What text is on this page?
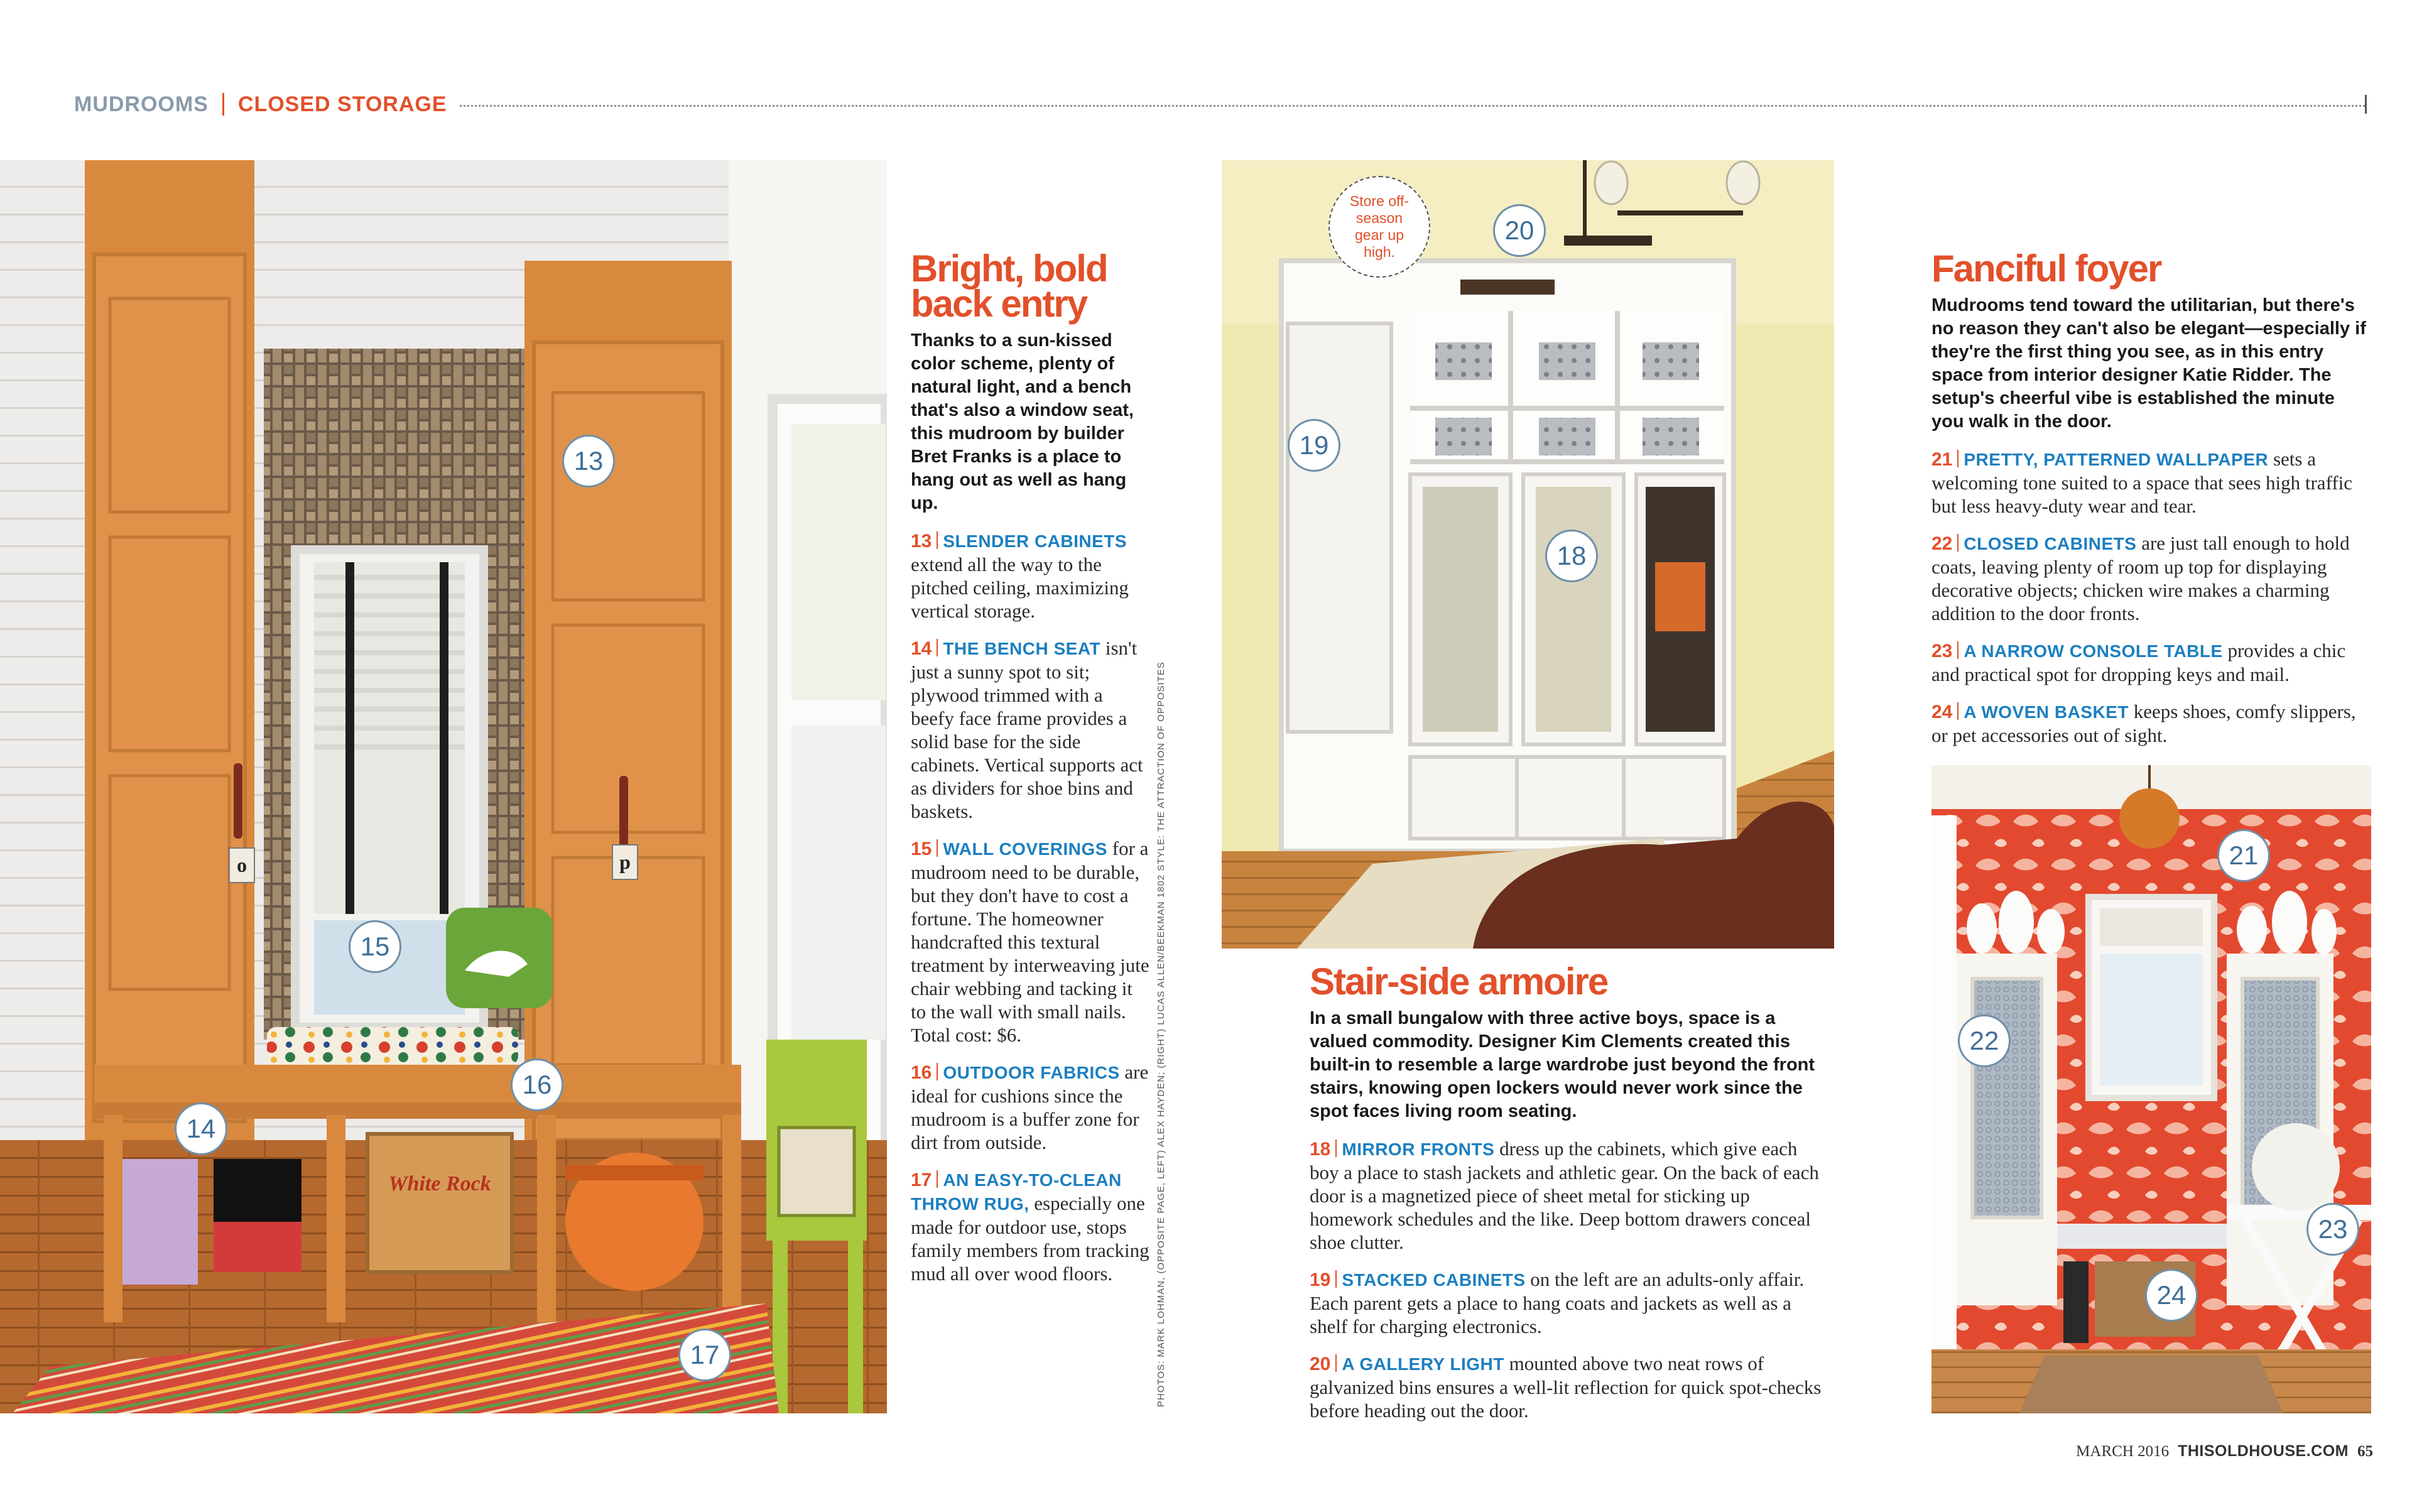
MUDROOMS CLOSED STORAGE
o	p
White Rock
13
14
15
16
17
Bright, bold back entry
Thanks to a sun-kissed color scheme, plenty of natural light, and a bench that's also a window seat, this mudroom by builder Bret Franks is a place to hang out as well as hang up.
13 SLENDER CABINETS extend all the way to the pitched ceiling, maximizing vertical storage.
14 THE BENCH SEAT isn't just a sunny spot to sit; plywood trimmed with a beefy face frame provides a solid base for the side cabinets. Vertical supports act as dividers for shoe bins and baskets.
15 WALL COVERINGS for a mudroom need to be durable, but they don't have to cost a fortune. The homeowner handcrafted this textural treatment by interweaving jute chair webbing and tacking it to the wall with small nails. Total cost: $6.
16 OUTDOOR FABRICS are ideal for cushions since the mudroom is a buffer zone for dirt from outside.
17 AN EASY-TO-CLEAN THROW RUG, especially one made for outdoor use, stops family members from tracking mud all over wood floors.	PHOTOS: MARK LOHMAN, (OPPOSITE PAGE, LEFT) ALEX HAYDEN; (RIGHT) LUCAS ALLEN/BEEKMAN 1802 STYLE: THE ATTRACTION OF OPPOSITES
Store off-season gear up high.
19
18
20
Stair-side armoire
In a small bungalow with three active boys, space is a valued commodity. Designer Kim Clements created this built-in to resemble a large wardrobe just beyond the front stairs, knowing open lockers would never work since the spot faces living room seating.
18 MIRROR FRONTS dress up the cabinets, which give each boy a place to stash jackets and athletic gear. On the back of each door is a magnetized piece of sheet metal for sticking up homework schedules and the like. Deep bottom drawers conceal shoe clutter.
19 STACKED CABINETS on the left are an adults-only affair. Each parent gets a place to hang coats and jackets as well as a shelf for charging electronics.
20 A GALLERY LIGHT mounted above two neat rows of galvanized bins ensures a well-lit reflection for quick spot-checks before heading out the door.
Fanciful foyer
Mudrooms tend toward the utilitarian, but there's no reason they can't also be elegant—especially if they're the first thing you see, as in this entry space from interior designer Katie Ridder. The setup's cheerful vibe is established the minute you walk in the door.
21 PRETTY, PATTERNED WALLPAPER sets a welcoming tone suited to a space that sees high traffic but less heavy-duty wear and tear.
22 CLOSED CABINETS are just tall enough to hold coats, leaving plenty of room up top for displaying decorative objects; chicken wire makes a charming addition to the door fronts.
23 A NARROW CONSOLE TABLE provides a chic and practical spot for dropping keys and mail.
24 A WOVEN BASKET keeps shoes, comfy slippers, or pet accessories out of sight.
21
22
23
24
MARCH 2016 THISOLDHOUSE.COM 65
